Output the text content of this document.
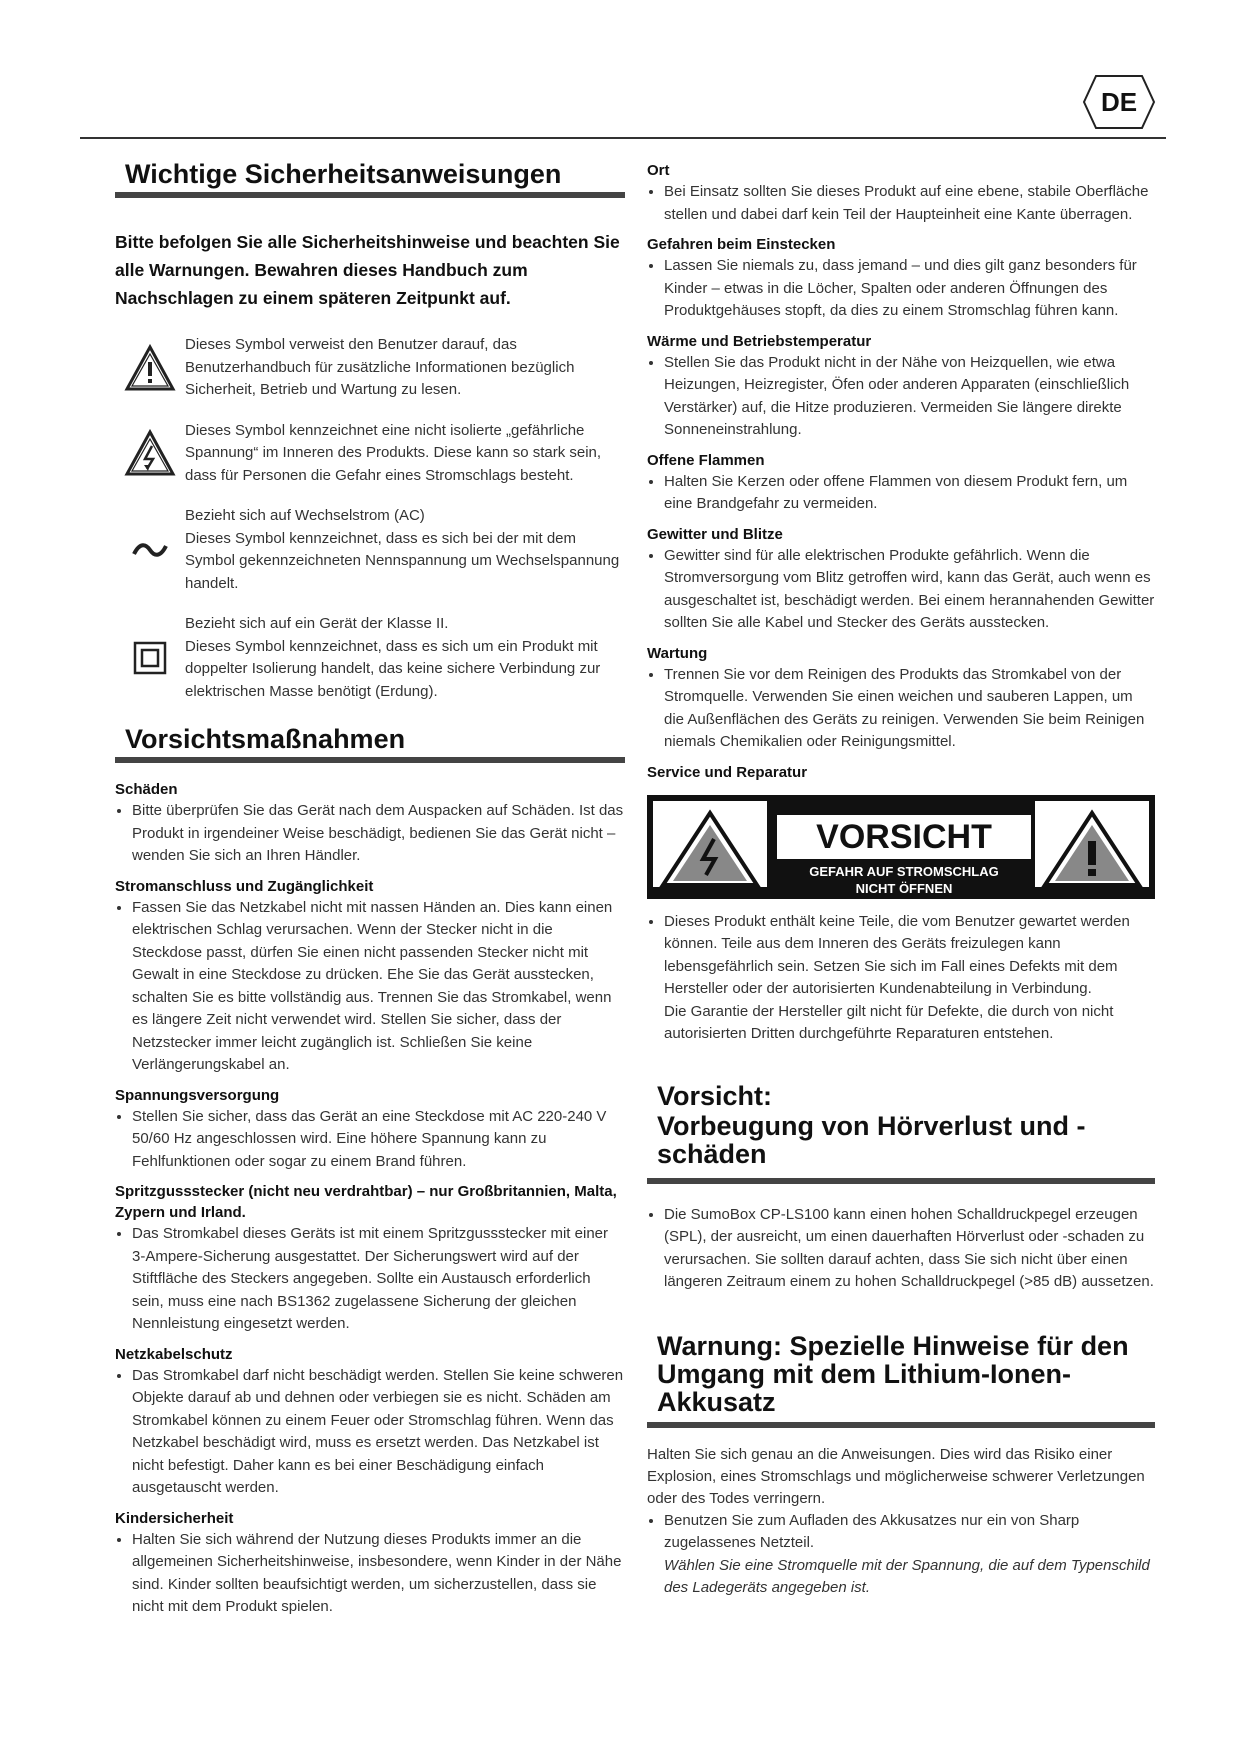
DE
Wichtige Sicherheitsanweisungen
Bitte befolgen Sie alle Sicherheitshinweise und beachten Sie alle Warnungen. Bewahren dieses Handbuch zum Nachschlagen zu einem späteren Zeitpunkt auf.
Dieses Symbol verweist den Benutzer darauf, das Benutzerhandbuch für zusätzliche Informationen bezüglich Sicherheit, Betrieb und Wartung zu lesen.
Dieses Symbol kennzeichnet eine nicht isolierte „gefährliche Spannung“ im Inneren des Produkts. Diese kann so stark sein, dass für Personen die Gefahr eines Stromschlags besteht.
Bezieht sich auf Wechselstrom (AC)
Dieses Symbol kennzeichnet, dass es sich bei der mit dem Symbol gekennzeichneten Nennspannung um Wechselspannung handelt.
Bezieht sich auf ein Gerät der Klasse II.
Dieses Symbol kennzeichnet, dass es sich um ein Produkt mit doppelter Isolierung handelt, das keine sichere Verbindung zur elektrischen Masse benötigt (Erdung).
Vorsichtsmaßnahmen
Schäden
• Bitte überprüfen Sie das Gerät nach dem Auspacken auf Schäden. Ist das Produkt in irgendeiner Weise beschädigt, bedienen Sie das Gerät nicht – wenden Sie sich an Ihren Händler.
Stromanschluss und Zugänglichkeit
• Fassen Sie das Netzkabel nicht mit nassen Händen an. Dies kann einen elektrischen Schlag verursachen. Wenn der Stecker nicht in die Steckdose passt, dürfen Sie einen nicht passenden Stecker nicht mit Gewalt in eine Steckdose zu drücken. Ehe Sie das Gerät ausstecken, schalten Sie es bitte vollständig aus. Trennen Sie das Stromkabel, wenn es längere Zeit nicht verwendet wird. Stellen Sie sicher, dass der Netzstecker immer leicht zugänglich ist. Schließen Sie keine Verlängerungskabel an.
Spannungsversorgung
• Stellen Sie sicher, dass das Gerät an eine Steckdose mit AC 220-240 V 50/60 Hz angeschlossen wird. Eine höhere Spannung kann zu Fehlfunktionen oder sogar zu einem Brand führen.
Spritzgussstecker (nicht neu verdrahtbar) – nur Großbritannien, Malta, Zypern und Irland.
• Das Stromkabel dieses Geräts ist mit einem Spritzgussstecker mit einer 3-Ampere-Sicherung ausgestattet. Der Sicherungswert wird auf der Stiftfläche des Steckers angegeben. Sollte ein Austausch erforderlich sein, muss eine nach BS1362 zugelassene Sicherung der gleichen Nennleistung eingesetzt werden.
Netzkabelschutz
• Das Stromkabel darf nicht beschädigt werden. Stellen Sie keine schweren Objekte darauf ab und dehnen oder verbiegen sie es nicht. Schäden am Stromkabel können zu einem Feuer oder Stromschlag führen. Wenn das Netzkabel beschädigt wird, muss es ersetzt werden. Das Netzkabel ist nicht befestigt. Daher kann es bei einer Beschädigung einfach ausgetauscht werden.
Kindersicherheit
• Halten Sie sich während der Nutzung dieses Produkts immer an die allgemeinen Sicherheitshinweise, insbesondere, wenn Kinder in der Nähe sind. Kinder sollten beaufsichtigt werden, um sicherzustellen, dass sie nicht mit dem Produkt spielen.
Ort
• Bei Einsatz sollten Sie dieses Produkt auf eine ebene, stabile Oberfläche stellen und dabei darf kein Teil der Haupteinheit eine Kante überragen.
Gefahren beim Einstecken
• Lassen Sie niemals zu, dass jemand – und dies gilt ganz besonders für Kinder – etwas in die Löcher, Spalten oder anderen Öffnungen des Produktgehäuses stopft, da dies zu einem Stromschlag führen kann.
Wärme und Betriebstemperatur
• Stellen Sie das Produkt nicht in der Nähe von Heizquellen, wie etwa Heizungen, Heizregister, Öfen oder anderen Apparaten (einschließlich Verstärker) auf, die Hitze produzieren. Vermeiden Sie längere direkte Sonneneinstrahlung.
Offene Flammen
• Halten Sie Kerzen oder offene Flammen von diesem Produkt fern, um eine Brandgefahr zu vermeiden.
Gewitter und Blitze
• Gewitter sind für alle elektrischen Produkte gefährlich. Wenn die Stromversorgung vom Blitz getroffen wird, kann das Gerät, auch wenn es ausgeschaltet ist, beschädigt werden. Bei einem herannahenden Gewitter sollten Sie alle Kabel und Stecker des Geräts ausstecken.
Wartung
• Trennen Sie vor dem Reinigen des Produkts das Stromkabel von der Stromquelle. Verwenden Sie einen weichen und sauberen Lappen, um die Außenflächen des Geräts zu reinigen. Verwenden Sie beim Reinigen niemals Chemikalien oder Reinigungsmittel.
Service und Reparatur
VORSICHT
GEFAHR AUF STROMSCHLAG
NICHT ÖFFNEN
• Dieses Produkt enthält keine Teile, die vom Benutzer gewartet werden können. Teile aus dem Inneren des Geräts freizulegen kann lebensgefährlich sein. Setzen Sie sich im Fall eines Defekts mit dem Hersteller oder der autorisierten Kundenabteilung in Verbindung.
Die Garantie der Hersteller gilt nicht für Defekte, die durch von nicht autorisierten Dritten durchgeführte Reparaturen entstehen.
Vorsicht:
Vorbeugung von Hörverlust und -schäden
• Die SumoBox CP-LS100 kann einen hohen Schalldruckpegel erzeugen (SPL), der ausreicht, um einen dauerhaften Hörverlust oder -schaden zu verursachen. Sie sollten darauf achten, dass Sie sich nicht über einen längeren Zeitraum einem zu hohen Schalldruckpegel (>85 dB) aussetzen.
Warnung: Spezielle Hinweise für den Umgang mit dem Lithium-Ionen-Akkusatz
Halten Sie sich genau an die Anweisungen. Dies wird das Risiko einer Explosion, eines Stromschlags und möglicherweise schwerer Verletzungen oder des Todes verringern.
• Benutzen Sie zum Aufladen des Akkusatzes nur ein von Sharp zugelassenes Netzteil.
Wählen Sie eine Stromquelle mit der Spannung, die auf dem Typenschild des Ladegeräts angegeben ist.
